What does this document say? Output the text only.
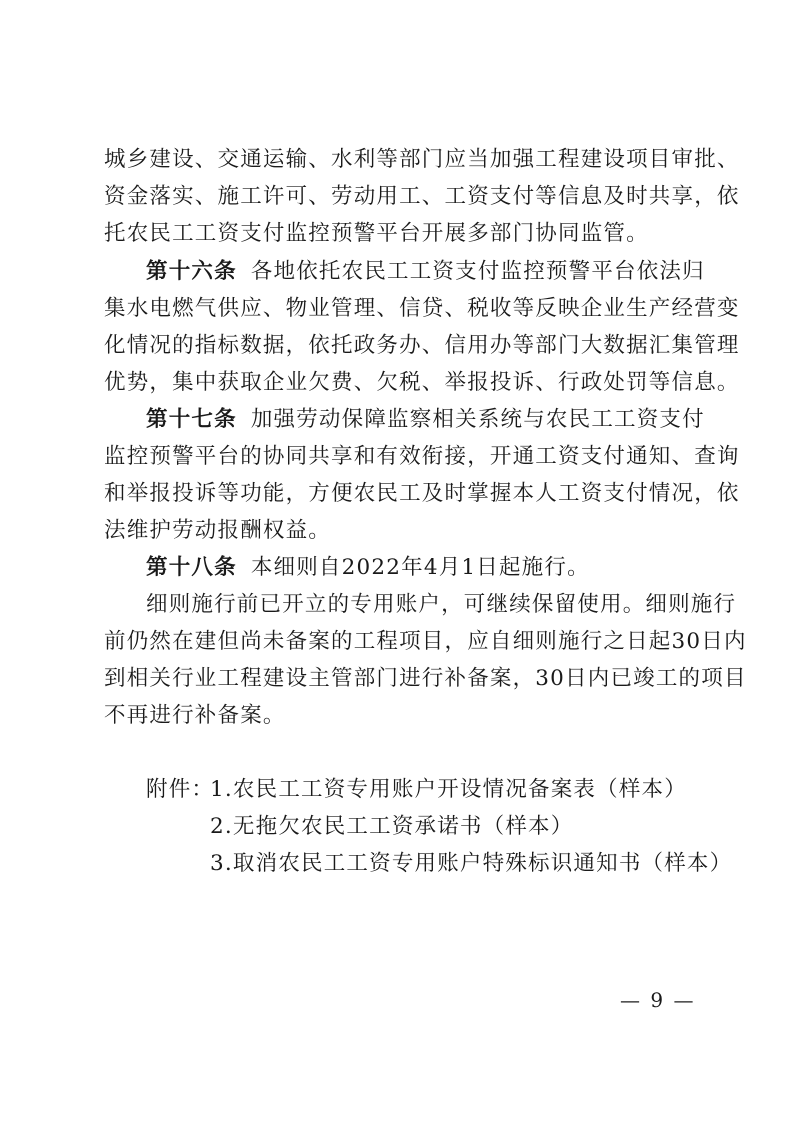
城乡建设、交通运输、水利等部门应当加强工程建设项目审批、
资金落实、施工许可、劳动用工、工资支付等信息及时共享，依
托农民工工资支付监控预警平台开展多部门协同监管。
第十六条 各地依托农民工工资支付监控预警平台依法归
集水电燃气供应、物业管理、信贷、税收等反映企业生产经营变
化情况的指标数据，依托政务办、信用办等部门大数据汇集管理
优势，集中获取企业欠费、欠税、举报投诉、行政处罚等信息。
第十七条 加强劳动保障监察相关系统与农民工工资支付
监控预警平台的协同共享和有效衔接，开通工资支付通知、查询
和举报投诉等功能，方便农民工及时掌握本人工资支付情况，依
法维护劳动报酬权益。
第十八条 本细则自2022年4月1日起施行。
细则施行前已开立的专用账户，可继续保留使用。细则施行
前仍然在建但尚未备案的工程项目，应自细则施行之日起30日内
到相关行业工程建设主管部门进行补备案，30日内已竣工的项目
不再进行补备案。
附件：
1.农民工工资专用账户开设情况备案表（样本）
2.无拖欠农民工工资承诺书（样本）
3.取消农民工工资专用账户特殊标识通知书（样本）
— 9 —
